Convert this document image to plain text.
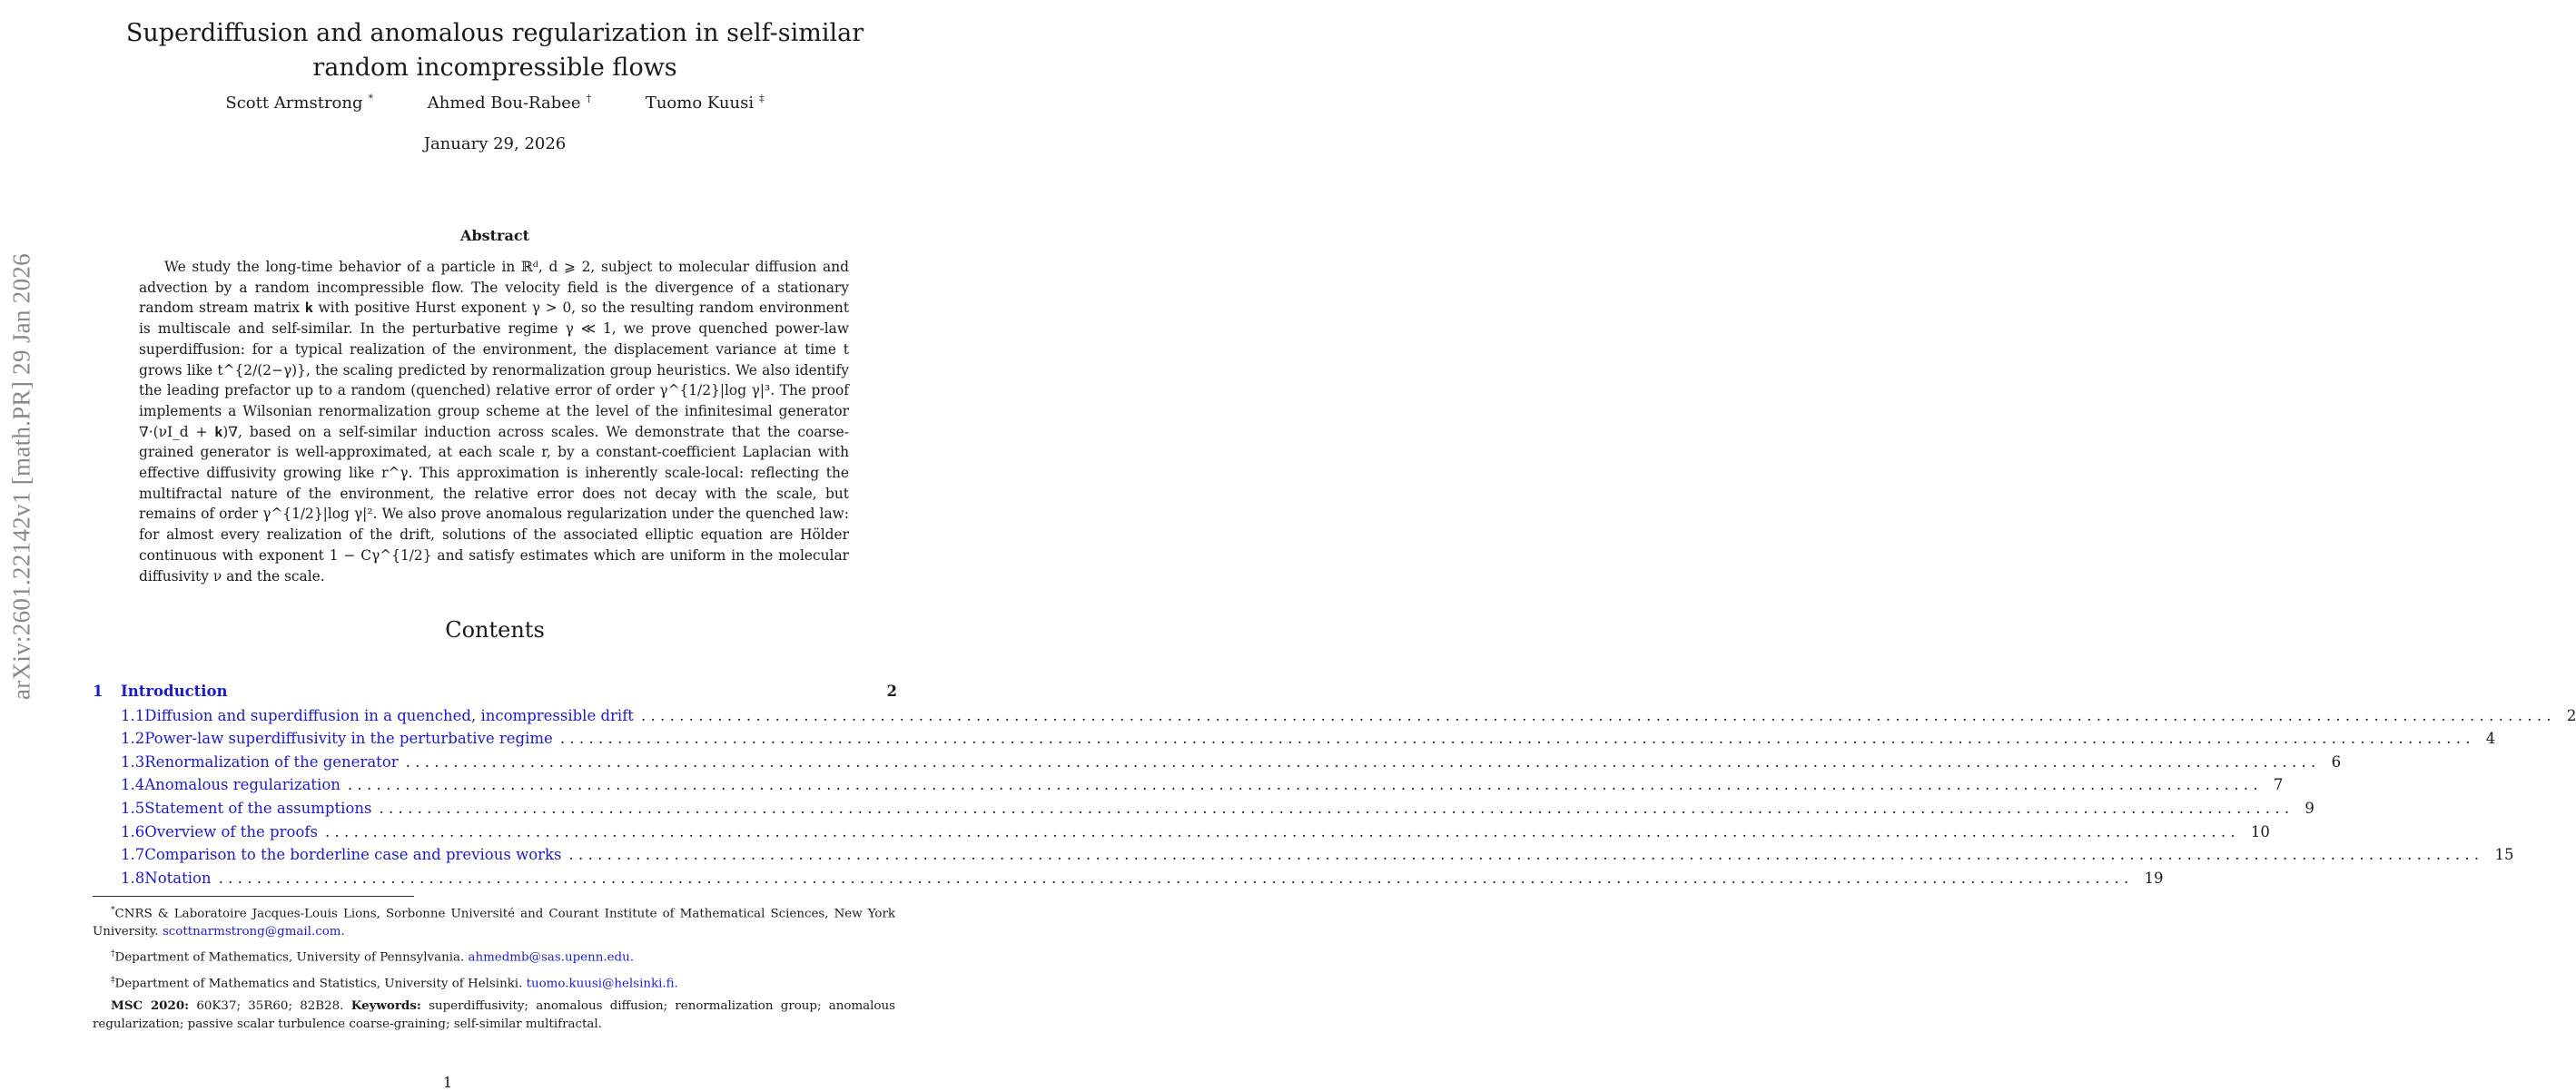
arXiv:2601.22142v1 [math.PR] 29 Jan 2026
Superdiffusion and anomalous regularization in self-similar
random incompressible flows
Scott Armstrong *	Ahmed Bou-Rabee †	Tuomo Kuusi ‡
January 29, 2026
Abstract

We study the long-time behavior of a particle in ℝᵈ, d ⩾ 2, subject to molecular diffusion and advection by a random incompressible flow. The velocity field is the divergence of a stationary random stream matrix 𝐤 with positive Hurst exponent γ > 0, so the resulting random environment is multiscale and self-similar. In the perturbative regime γ ≪ 1, we prove quenched power-law superdiffusion: for a typical realization of the environment, the displacement variance at time t grows like t^{2/(2−γ)}, the scaling predicted by renormalization group heuristics. We also identify the leading prefactor up to a random (quenched) relative error of order γ^{1/2}|log γ|³. The proof implements a Wilsonian renormalization group scheme at the level of the infinitesimal generator ∇·(νI_d + 𝐤)∇, based on a self-similar induction across scales. We demonstrate that the coarse-grained generator is well-approximated, at each scale r, by a constant-coefficient Laplacian with effective diffusivity growing like r^γ. This approximation is inherently scale-local: reflecting the multifractal nature of the environment, the relative error does not decay with the scale, but remains of order γ^{1/2}|log γ|². We also prove anomalous regularization under the quenched law: for almost every realization of the drift, solutions of the associated elliptic equation are Hölder continuous with exponent 1 − Cγ^{1/2} and satisfy estimates which are uniform in the molecular diffusivity ν and the scale.

Contents
1	Introduction	2
1.1 Diffusion and superdiffusion in a quenched, incompressible drift ........................................................................................................................................................................................................ 2
1.2 Power-law superdiffusivity in the perturbative regime ........................................................................................................................................................................................................ 4
1.3 Renormalization of the generator ........................................................................................................................................................................................................ 6
1.4 Anomalous regularization ........................................................................................................................................................................................................ 7
1.5 Statement of the assumptions ........................................................................................................................................................................................................ 9
1.6 Overview of the proofs ........................................................................................................................................................................................................ 10
1.7 Comparison to the borderline case and previous works ........................................................................................................................................................................................................ 15
1.8 Notation ........................................................................................................................................................................................................ 19

*CNRS & Laboratoire Jacques-Louis Lions, Sorbonne Université and Courant Institute of Mathematical Sciences, New York University. scottnarmstrong@gmail.com.

†Department of Mathematics, University of Pennsylvania. ahmedmb@sas.upenn.edu.

‡Department of Mathematics and Statistics, University of Helsinki. tuomo.kuusi@helsinki.fi.

MSC 2020: 60K37; 35R60; 82B28. Keywords: superdiffusivity; anomalous diffusion; renormalization group; anomalous regularization; passive scalar turbulence coarse-graining; self-similar multifractal.

1
